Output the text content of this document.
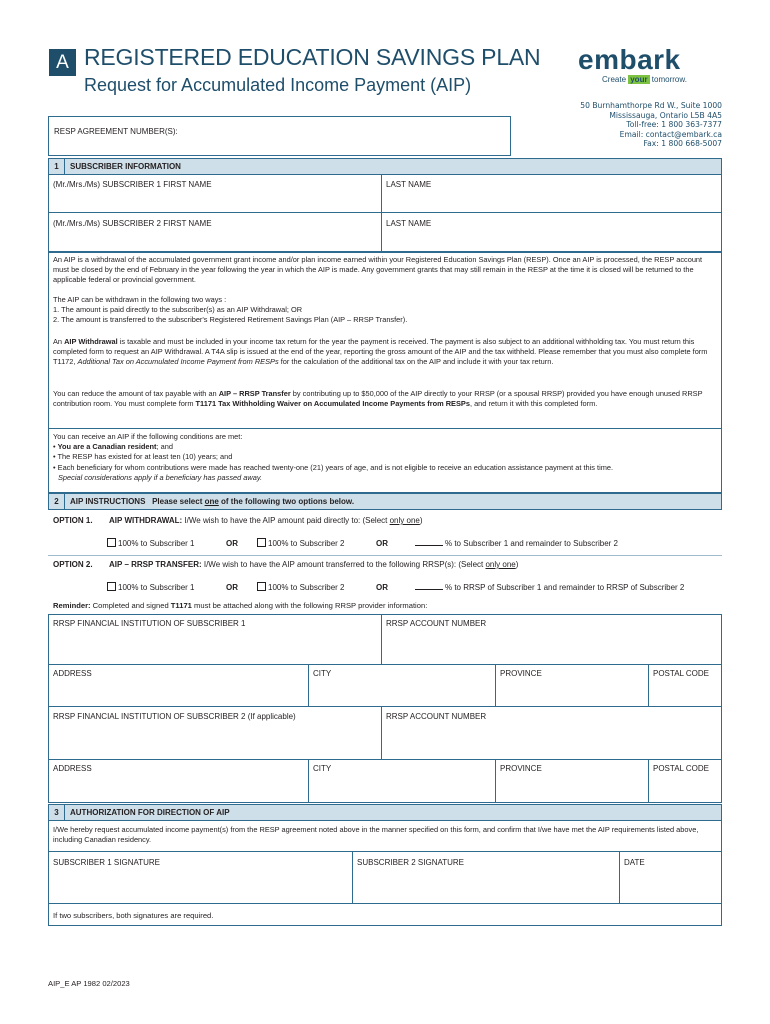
A REGISTERED EDUCATION SAVINGS PLAN
Request for Accumulated Income Payment (AIP)
embark
Create your tomorrow.
50 Burnhamthorpe Rd W., Suite 1000
Mississauga, Ontario L5B 4A5
Toll-free: 1 800 363-7377
Email: contact@embark.ca
Fax: 1 800 668-5007
RESP AGREEMENT NUMBER(S):
1	SUBSCRIBER INFORMATION
(Mr./Mrs./Ms) SUBSCRIBER 1 FIRST NAME	LAST NAME
(Mr./Mrs./Ms) SUBSCRIBER 2 FIRST NAME	LAST NAME
An AIP is a withdrawal of the accumulated government grant income and/or plan income earned within your Registered Education Savings Plan (RESP). Once an AIP is processed, the RESP account must be closed by the end of February in the year following the year in which the AIP is made. Any government grants that may still remain in the RESP at the time it is closed will be returned to the applicable federal or provincial government.
The AIP can be withdrawn in the following two ways :
1. The amount is paid directly to the subscriber(s) as an AIP Withdrawal; OR
2. The amount is transferred to the subscriber's Registered Retirement Savings Plan (AIP – RRSP Transfer).
An AIP Withdrawal is taxable and must be included in your income tax return for the year the payment is received. The payment is also subject to an additional withholding tax. You must return this completed form to request an AIP Withdrawal. A T4A slip is issued at the end of the year, reporting the gross amount of the AIP and the tax withheld. Please remember that you must also complete form T1172, Additional Tax on Accumulated Income Payment from RESPs for the calculation of the additional tax on the AIP and include it with your tax return.
You can reduce the amount of tax payable with an AIP – RRSP Transfer by contributing up to $50,000 of the AIP directly to your RRSP (or a spousal RRSP) provided you have enough unused RRSP contribution room. You must complete form T1171 Tax Withholding Waiver on Accumulated Income Payments from RESPs, and return it with this completed form.
You can receive an AIP if the following conditions are met:
• You are a Canadian resident; and
• The RESP has existed for at least ten (10) years; and
• Each beneficiary for whom contributions were made has reached twenty-one (21) years of age, and is not eligible to receive an education assistance payment at this time.
Special considerations apply if a beneficiary has passed away.
2	AIP INSTRUCTIONS Please select one of the following two options below.
OPTION 1. AIP WITHDRAWAL: I/We wish to have the AIP amount paid directly to: (Select only one)
100% to Subscriber 1	OR	100% to Subscriber 2	OR	% to Subscriber 1 and remainder to Subscriber 2
OPTION 2. AIP – RRSP TRANSFER: I/We wish to have the AIP amount transferred to the following RRSP(s): (Select only one)
100% to Subscriber 1	OR	100% to Subscriber 2	OR	% to RRSP of Subscriber 1 and remainder to RRSP of Subscriber 2
Reminder: Completed and signed T1171 must be attached along with the following RRSP provider information:
RRSP FINANCIAL INSTITUTION OF SUBSCRIBER 1	RRSP ACCOUNT NUMBER
ADDRESS	CITY	PROVINCE	POSTAL CODE
RRSP FINANCIAL INSTITUTION OF SUBSCRIBER 2 (If applicable)	RRSP ACCOUNT NUMBER
ADDRESS	CITY	PROVINCE	POSTAL CODE
3	AUTHORIZATION FOR DIRECTION OF AIP
I/We hereby request accumulated income payment(s) from the RESP agreement noted above in the manner specified on this form, and confirm that I/we have met the AIP requirements listed above, including Canadian residency.
SUBSCRIBER 1 SIGNATURE	SUBSCRIBER 2 SIGNATURE	DATE
If two subscribers, both signatures are required.
AIP_E AP 1982 02/2023
